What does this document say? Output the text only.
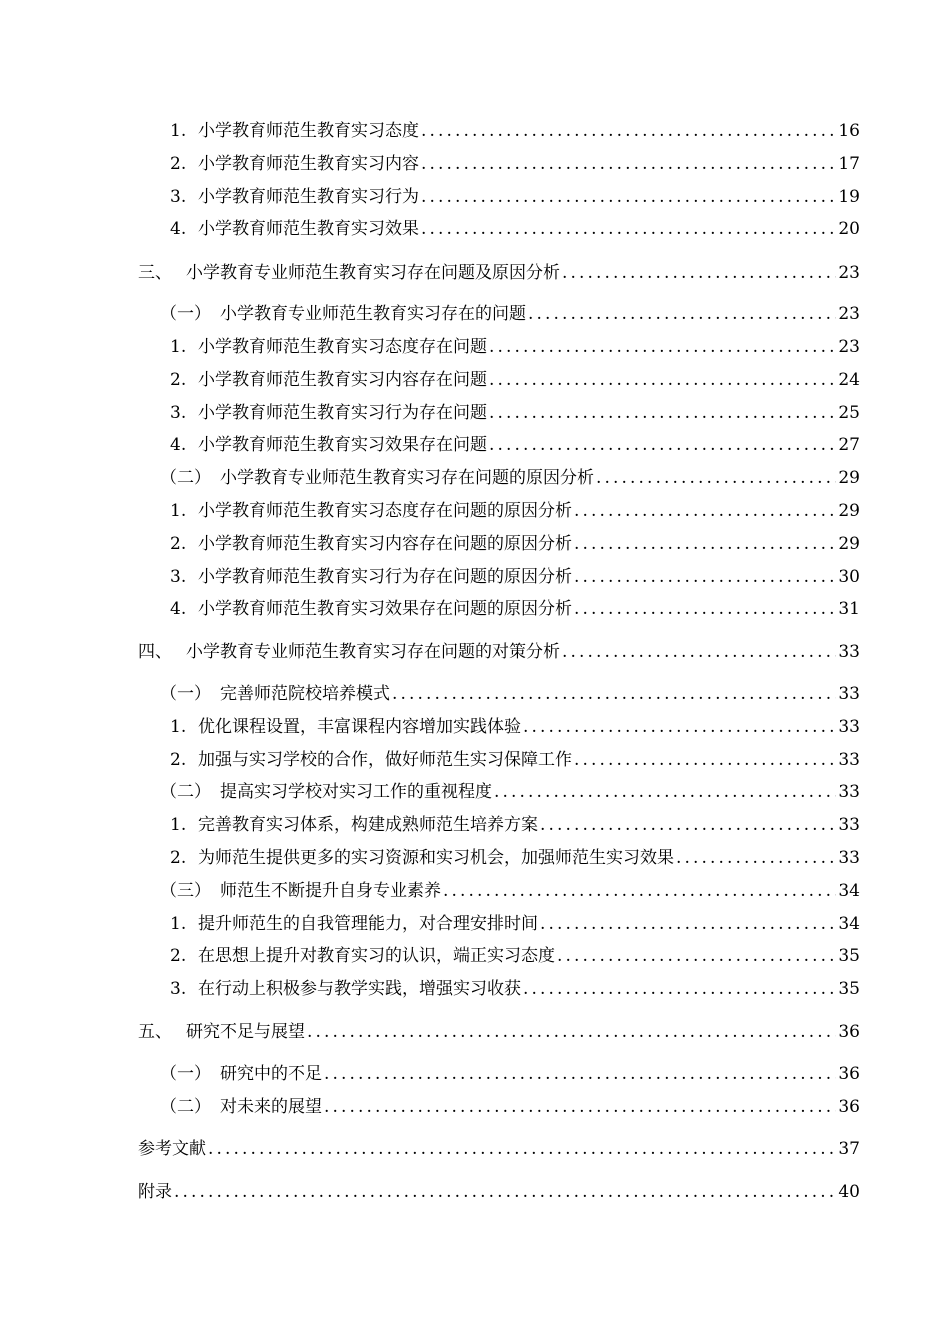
1. 小学教育师范生教育实习态度 .....	16
2. 小学教育师范生教育实习内容 .....	17
3. 小学教育师范生教育实习行为 .....	19
4. 小学教育师范生教育实习效果 .....	20
三、 小学教育专业师范生教育实习存在问题及原因分析 .....	23
（一） 小学教育专业师范生教育实习存在的问题 .....	23
1. 小学教育师范生教育实习态度存在问题 .....	23
2. 小学教育师范生教育实习内容存在问题 .....	24
3. 小学教育师范生教育实习行为存在问题 .....	25
4. 小学教育师范生教育实习效果存在问题 .....	27
（二） 小学教育专业师范生教育实习存在问题的原因分析 .....	29
1. 小学教育师范生教育实习态度存在问题的原因分析 .....	29
2. 小学教育师范生教育实习内容存在问题的原因分析 .....	29
3. 小学教育师范生教育实习行为存在问题的原因分析 .....	30
4. 小学教育师范生教育实习效果存在问题的原因分析 .....	31
四、 小学教育专业师范生教育实习存在问题的对策分析 .....	33
（一） 完善师范院校培养模式 .....	33
1. 优化课程设置，丰富课程内容增加实践体验 .....	33
2. 加强与实习学校的合作，做好师范生实习保障工作 .....	33
（二） 提高实习学校对实习工作的重视程度 .....	33
1. 完善教育实习体系，构建成熟师范生培养方案 .....	33
2. 为师范生提供更多的实习资源和实习机会，加强师范生实习效果 .....	33
（三） 师范生不断提升自身专业素养 .....	34
1. 提升师范生的自我管理能力，对合理安排时间 .....	34
2. 在思想上提升对教育实习的认识，端正实习态度 .....	35
3. 在行动上积极参与教学实践，增强实习收获 .....	35
五、 研究不足与展望 .....	36
（一） 研究中的不足 .....	36
（二） 对未来的展望 .....	36
参考文献 .....	37
附录 .....	40
